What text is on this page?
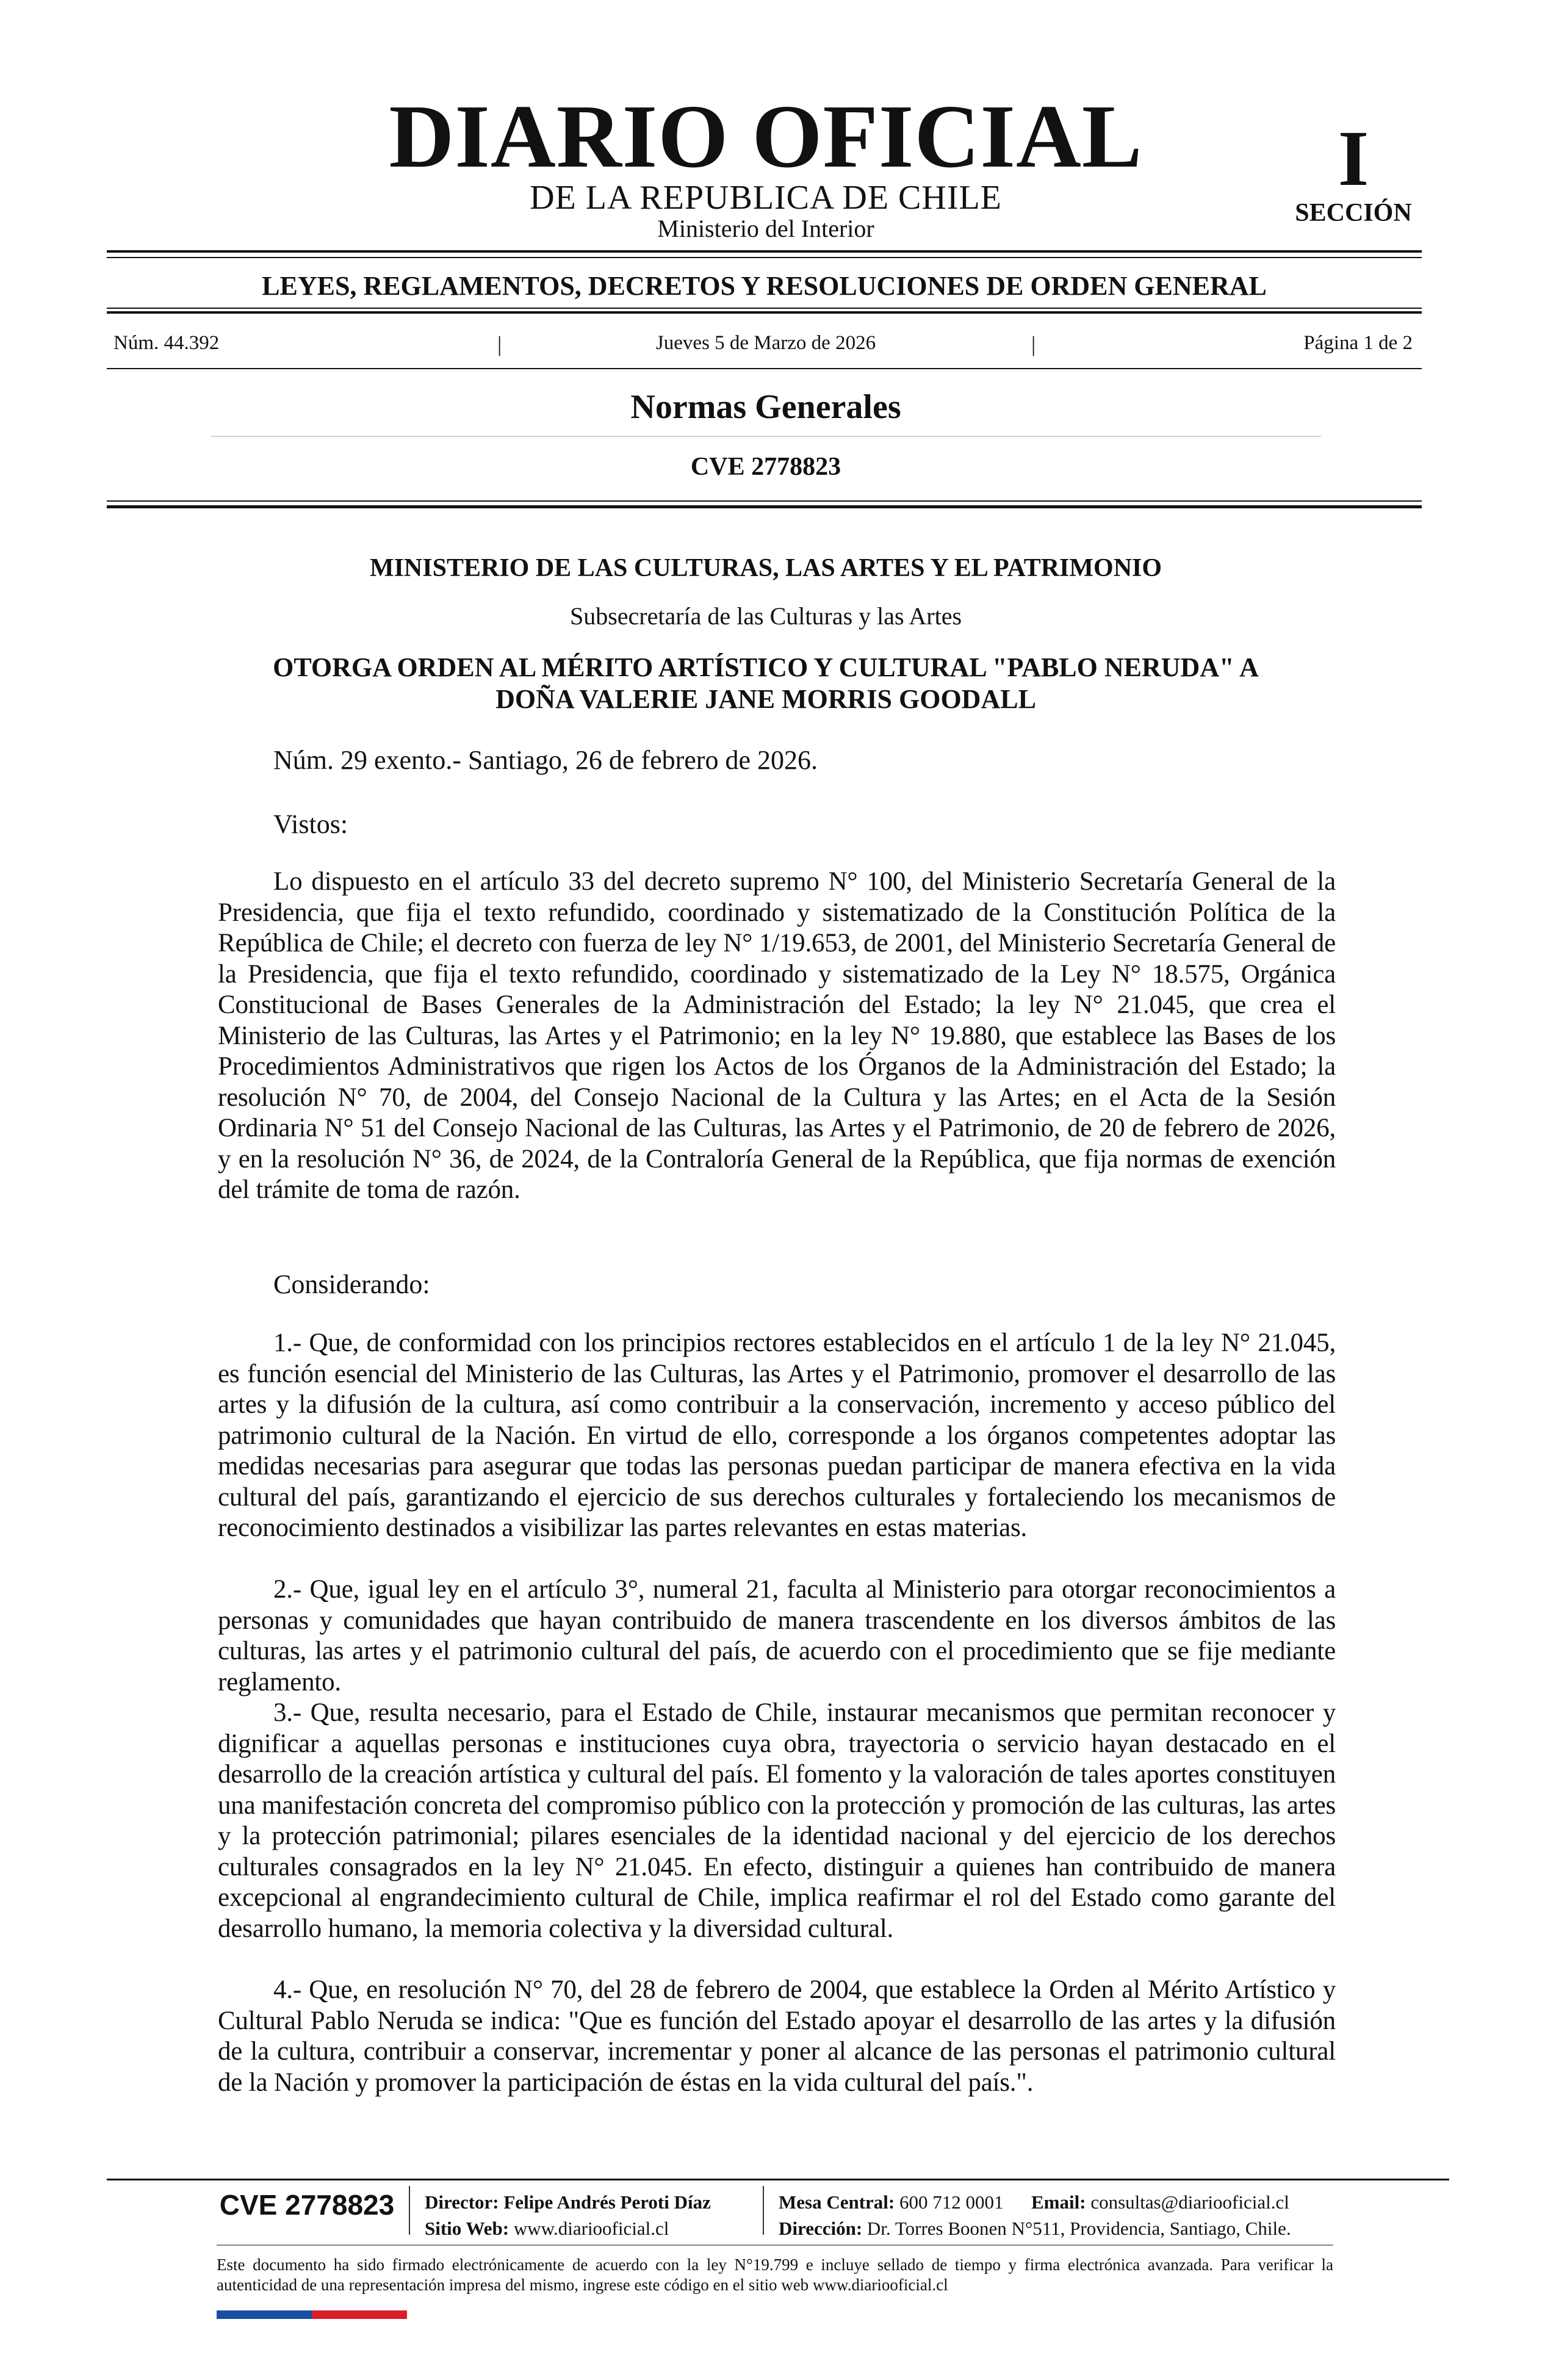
DIARIO OFICIAL
DE LA REPUBLICA DE CHILE
Ministerio del Interior
I
SECCIÓN
LEYES, REGLAMENTOS, DECRETOS Y RESOLUCIONES DE ORDEN GENERAL
Núm. 44.392	|	Jueves 5 de Marzo de 2026	|	Página 1 de 2
Normas Generales
CVE 2778823
MINISTERIO DE LAS CULTURAS, LAS ARTES Y EL PATRIMONIO
Subsecretaría de las Culturas y las Artes
OTORGA ORDEN AL MÉRITO ARTÍSTICO Y CULTURAL "PABLO NERUDA" A
DOÑA VALERIE JANE MORRIS GOODALL
Núm. 29 exento.- Santiago, 26 de febrero de 2026.
Vistos:
Lo dispuesto en el artículo 33 del decreto supremo N° 100, del Ministerio Secretaría General de la Presidencia, que fija el texto refundido, coordinado y sistematizado de la Constitución Política de la República de Chile; el decreto con fuerza de ley N° 1/19.653, de 2001, del Ministerio Secretaría General de la Presidencia, que fija el texto refundido, coordinado y sistematizado de la Ley N° 18.575, Orgánica Constitucional de Bases Generales de la Administración del Estado; la ley N° 21.045, que crea el Ministerio de las Culturas, las Artes y el Patrimonio; en la ley N° 19.880, que establece las Bases de los Procedimientos Administrativos que rigen los Actos de los Órganos de la Administración del Estado; la resolución N° 70, de 2004, del Consejo Nacional de la Cultura y las Artes; en el Acta de la Sesión Ordinaria N° 51 del Consejo Nacional de las Culturas, las Artes y el Patrimonio, de 20 de febrero de 2026, y en la resolución N° 36, de 2024, de la Contraloría General de la República, que fija normas de exención del trámite de toma de razón.
Considerando:
1.- Que, de conformidad con los principios rectores establecidos en el artículo 1 de la ley N° 21.045, es función esencial del Ministerio de las Culturas, las Artes y el Patrimonio, promover el desarrollo de las artes y la difusión de la cultura, así como contribuir a la conservación, incremento y acceso público del patrimonio cultural de la Nación. En virtud de ello, corresponde a los órganos competentes adoptar las medidas necesarias para asegurar que todas las personas puedan participar de manera efectiva en la vida cultural del país, garantizando el ejercicio de sus derechos culturales y fortaleciendo los mecanismos de reconocimiento destinados a visibilizar las partes relevantes en estas materias.
2.- Que, igual ley en el artículo 3°, numeral 21, faculta al Ministerio para otorgar reconocimientos a personas y comunidades que hayan contribuido de manera trascendente en los diversos ámbitos de las culturas, las artes y el patrimonio cultural del país, de acuerdo con el procedimiento que se fije mediante reglamento.
3.- Que, resulta necesario, para el Estado de Chile, instaurar mecanismos que permitan reconocer y dignificar a aquellas personas e instituciones cuya obra, trayectoria o servicio hayan destacado en el desarrollo de la creación artística y cultural del país. El fomento y la valoración de tales aportes constituyen una manifestación concreta del compromiso público con la protección y promoción de las culturas, las artes y la protección patrimonial; pilares esenciales de la identidad nacional y del ejercicio de los derechos culturales consagrados en la ley N° 21.045. En efecto, distinguir a quienes han contribuido de manera excepcional al engrandecimiento cultural de Chile, implica reafirmar el rol del Estado como garante del desarrollo humano, la memoria colectiva y la diversidad cultural.
4.- Que, en resolución N° 70, del 28 de febrero de 2004, que establece la Orden al Mérito Artístico y Cultural Pablo Neruda se indica: "Que es función del Estado apoyar el desarrollo de las artes y la difusión de la cultura, contribuir a conservar, incrementar y poner al alcance de las personas el patrimonio cultural de la Nación y promover la participación de éstas en la vida cultural del país.".
CVE 2778823	Director: Felipe Andrés Peroti Díaz
Sitio Web: www.diariooficial.cl
Mesa Central: 600 712 0001 Email: consultas@diariooficial.cl
Dirección: Dr. Torres Boonen N°511, Providencia, Santiago, Chile.
Este documento ha sido firmado electrónicamente de acuerdo con la ley N°19.799 e incluye sellado de tiempo y firma electrónica avanzada. Para verificar la autenticidad de una representación impresa del mismo, ingrese este código en el sitio web www.diariooficial.cl
